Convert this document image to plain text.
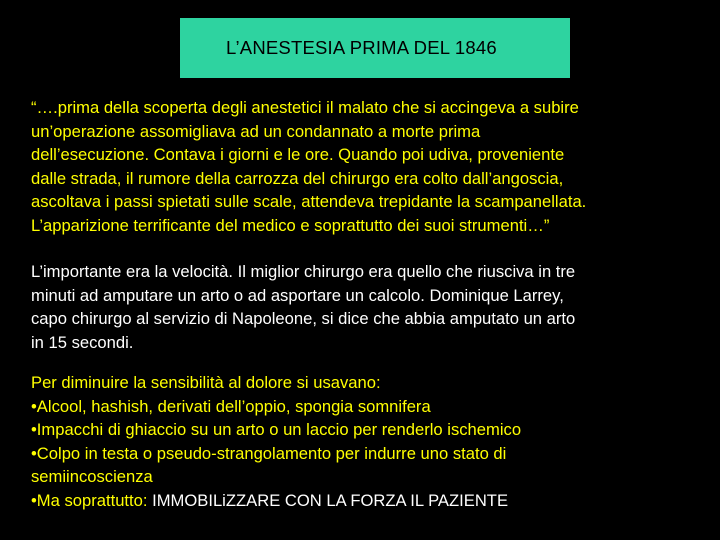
L’ANESTESIA PRIMA DEL 1846
“….prima della scoperta degli anestetici il malato che si accingeva a subire
un’operazione assomigliava ad un condannato a morte prima
dell’esecuzione. Contava i giorni e le ore. Quando poi udiva, proveniente
dalle strada, il rumore della carrozza del chirurgo era colto dall’angoscia,
ascoltava i passi spietati sulle scale, attendeva trepidante la scampanellata.
L’apparizione terrificante del medico e soprattutto dei suoi strumenti…”
L’importante era la velocità. Il miglior chirurgo era quello che riusciva in tre
minuti ad amputare un arto o ad asportare un calcolo. Dominique Larrey,
capo chirurgo al servizio di Napoleone, si dice che abbia amputato un arto
in 15 secondi.
Per diminuire la sensibilità al dolore si usavano:
•Alcool, hashish, derivati dell’oppio, spongia somnifera
•Impacchi di ghiaccio su un arto o un laccio per renderlo ischemico
•Colpo in testa o pseudo-strangolamento per indurre uno stato di
semiincoscienza
•Ma soprattutto: IMMOBILiZZARE CON LA FORZA IL PAZIENTE
